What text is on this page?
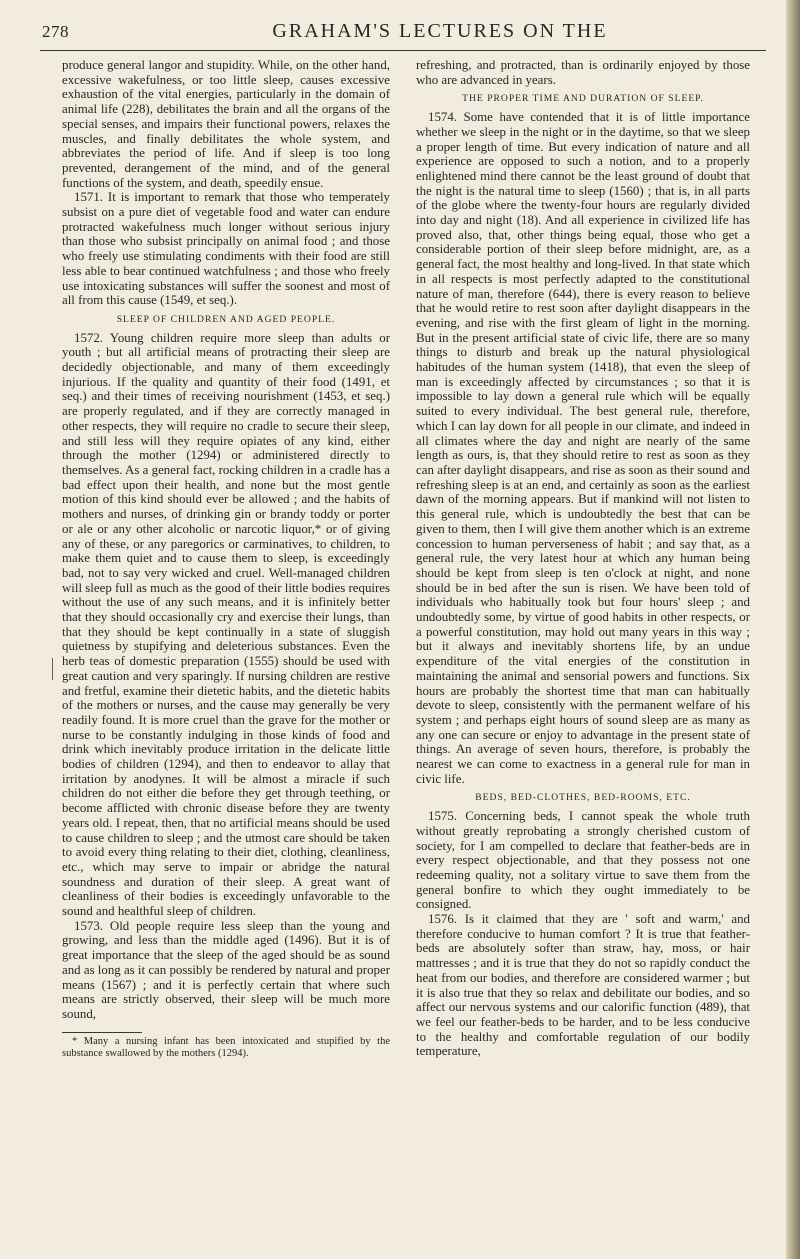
278	GRAHAM'S LECTURES ON THE

produce general langor and stupidity. While, on the other hand, excessive wakefulness, or too little sleep, causes excessive exhaustion of the vital energies, particularly in the domain of animal life (228), debilitates the brain and all the organs of the special senses, and impairs their functional powers, relaxes the muscles, and finally debilitates the whole system, and abbreviates the period of life. And if sleep is too long prevented, derangement of the mind, and of the general functions of the system, and death, speedily ensue.

1571. It is important to remark that those who temperately subsist on a pure diet of vegetable food and water can endure protracted wakefulness much longer without serious injury than those who subsist principally on animal food ; and those who freely use stimulating condiments with their food are still less able to bear continued watchfulness ; and those who freely use intoxicating substances will suffer the soonest and most of all from this cause (1549, et seq.).

SLEEP OF CHILDREN AND AGED PEOPLE.

1572. Young children require more sleep than adults or youth ; but all artificial means of protracting their sleep are decidedly objectionable, and many of them exceedingly injurious. If the quality and quantity of their food (1491, et seq.) and their times of receiving nourishment (1453, et seq.) are properly regulated, and if they are correctly managed in other respects, they will require no cradle to secure their sleep, and still less will they require opiates of any kind, either through the mother (1294) or administered directly to themselves. As a general fact, rocking children in a cradle has a bad effect upon their health, and none but the most gentle motion of this kind should ever be allowed ; and the habits of mothers and nurses, of drinking gin or brandy toddy or porter or ale or any other alcoholic or narcotic liquor,* or of giving any of these, or any paregorics or carminatives, to children, to make them quiet and to cause them to sleep, is exceedingly bad, not to say very wicked and cruel. Well-managed children will sleep full as much as the good of their little bodies requires without the use of any such means, and it is infinitely better that they should occasionally cry and exercise their lungs, than that they should be kept continually in a state of sluggish quietness by stupifying and deleterious substances. Even the herb teas of domestic preparation (1555) should be used with great caution and very sparingly. If nursing children are restive and fretful, examine their dietetic habits, and the dietetic habits of the mothers or nurses, and the cause may generally be very readily found. It is more cruel than the grave for the mother or nurse to be constantly indulging in those kinds of food and drink which inevitably produce irritation in the delicate little bodies of children (1294), and then to endeavor to allay that irritation by anodynes. It will be almost a miracle if such children do not either die before they get through teething, or become afflicted with chronic disease before they are twenty years old. I repeat, then, that no artificial means should be used to cause children to sleep ; and the utmost care should be taken to avoid every thing relating to their diet, clothing, cleanliness, etc., which may serve to impair or abridge the natural soundness and duration of their sleep. A great want of cleanliness of their bodies is exceedingly unfavorable to the sound and healthful sleep of children.

1573. Old people require less sleep than the young and growing, and less than the middle aged (1496). But it is of great importance that the sleep of the aged should be as sound and as long as it can possibly be rendered by natural and proper means (1567) ; and it is perfectly certain that where such means are strictly observed, their sleep will be much more sound,

* Many a nursing infant has been intoxicated and stupified by the substance swallowed by the mothers (1294).

refreshing, and protracted, than is ordinarily enjoyed by those who are advanced in years.

THE PROPER TIME AND DURATION OF SLEEP.

1574. Some have contended that it is of little importance whether we sleep in the night or in the daytime, so that we sleep a proper length of time. But every indication of nature and all experience are opposed to such a notion, and to a properly enlightened mind there cannot be the least ground of doubt that the night is the natural time to sleep (1560) ; that is, in all parts of the globe where the twenty-four hours are regularly divided into day and night (18). And all experience in civilized life has proved also, that, other things being equal, those who get a considerable portion of their sleep before midnight, are, as a general fact, the most healthy and long-lived. In that state which in all respects is most perfectly adapted to the constitutional nature of man, therefore (644), there is every reason to believe that he would retire to rest soon after daylight disappears in the evening, and rise with the first gleam of light in the morning. But in the present artificial state of civic life, there are so many things to disturb and break up the natural physiological habitudes of the human system (1418), that even the sleep of man is exceedingly affected by circumstances ; so that it is impossible to lay down a general rule which will be equally suited to every individual. The best general rule, therefore, which I can lay down for all people in our climate, and indeed in all climates where the day and night are nearly of the same length as ours, is, that they should retire to rest as soon as they can after daylight disappears, and rise as soon as their sound and refreshing sleep is at an end, and certainly as soon as the earliest dawn of the morning appears. But if mankind will not listen to this general rule, which is undoubtedly the best that can be given to them, then I will give them another which is an extreme concession to human perverseness of habit ; and say that, as a general rule, the very latest hour at which any human being should be kept from sleep is ten o'clock at night, and none should be in bed after the sun is risen. We have been told of individuals who habitually took but four hours' sleep ; and undoubtedly some, by virtue of good habits in other respects, or a powerful constitution, may hold out many years in this way ; but it always and inevitably shortens life, by an undue expenditure of the vital energies of the constitution in maintaining the animal and sensorial powers and functions. Six hours are probably the shortest time that man can habitually devote to sleep, consistently with the permanent welfare of his system ; and perhaps eight hours of sound sleep are as many as any one can secure or enjoy to advantage in the present state of things. An average of seven hours, therefore, is probably the nearest we can come to exactness in a general rule for man in civic life.

BEDS, BED-CLOTHES, BED-ROOMS, ETC.

1575. Concerning beds, I cannot speak the whole truth without greatly reprobating a strongly cherished custom of society, for I am compelled to declare that feather-beds are in every respect objectionable, and that they possess not one redeeming quality, not a solitary virtue to save them from the general bonfire to which they ought immediately to be consigned.

1576. Is it claimed that they are ' soft and warm,' and therefore conducive to human comfort ? It is true that feather-beds are absolutely softer than straw, hay, moss, or hair mattresses ; and it is true that they do not so rapidly conduct the heat from our bodies, and therefore are considered warmer ; but it is also true that they so relax and debilitate our bodies, and so affect our nervous systems and our calorific function (489), that we feel our feather-beds to be harder, and to be less conducive to the healthy and comfortable regulation of our bodily temperature,
